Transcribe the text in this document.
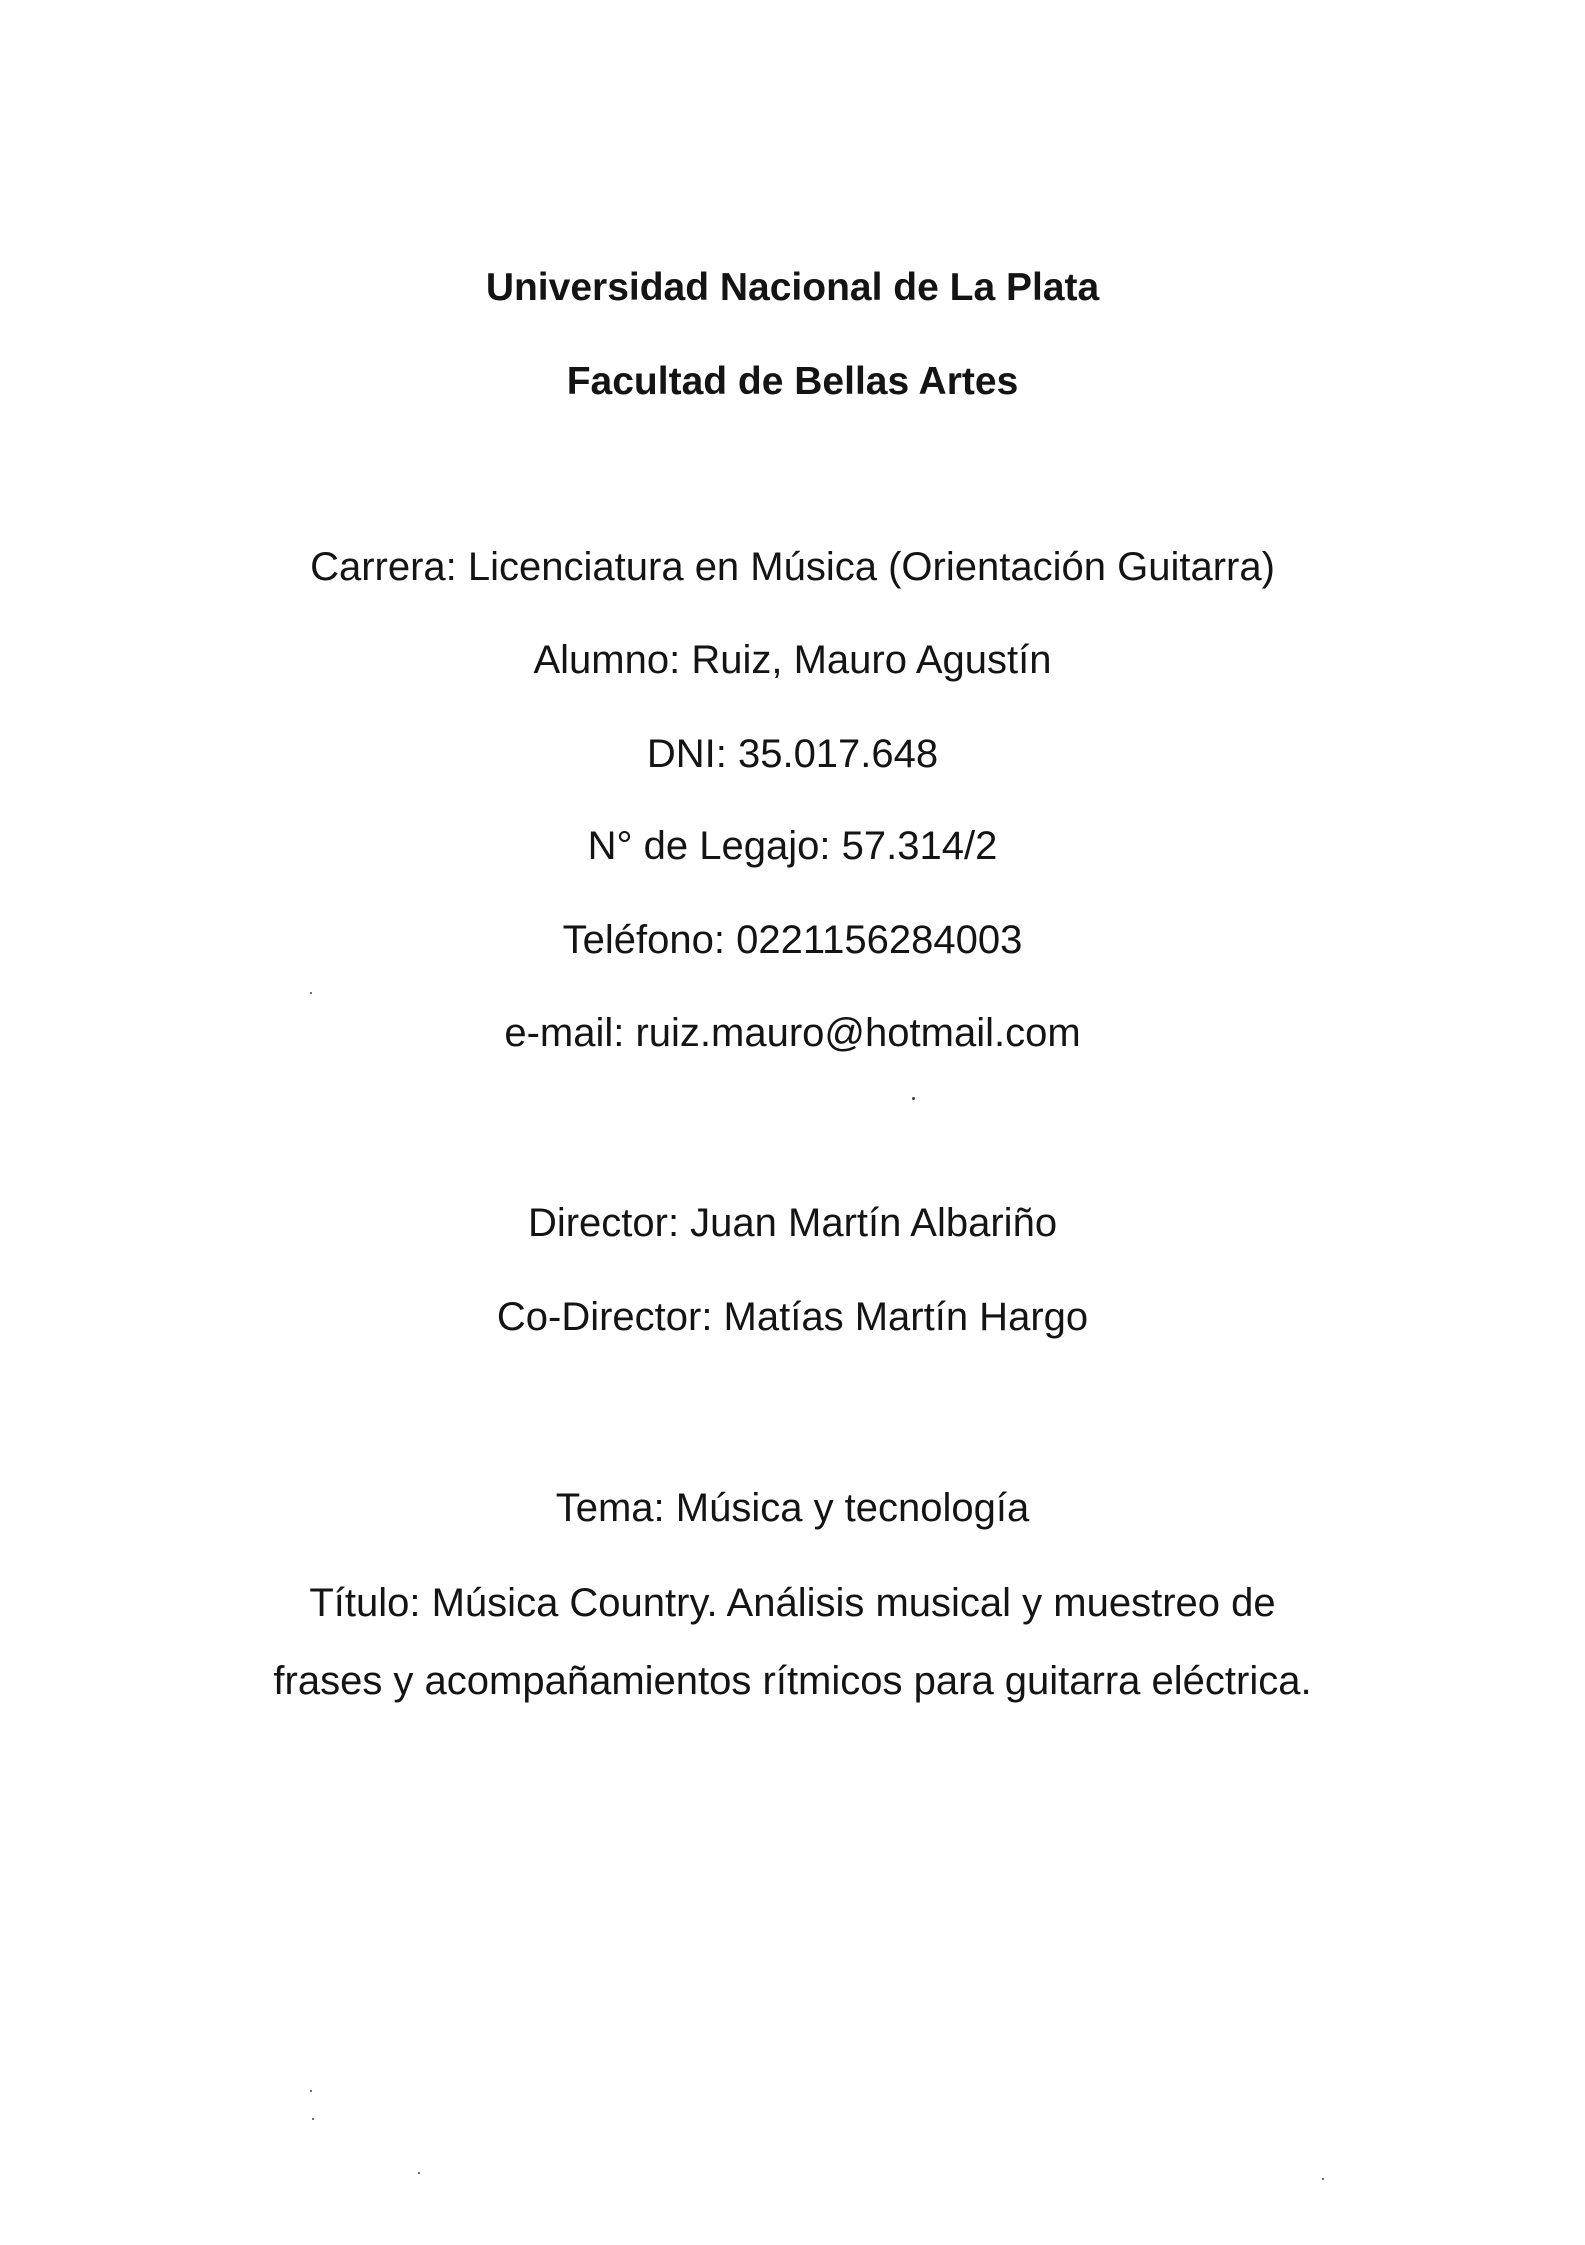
Universidad Nacional de La Plata
Facultad de Bellas Artes
Carrera: Licenciatura en Música (Orientación Guitarra)
Alumno: Ruiz, Mauro Agustín
DNI: 35.017.648
N° de Legajo: 57.314/2
Teléfono: 0221156284003
e-mail: ruiz.mauro@hotmail.com
Director: Juan Martín Albariño
Co-Director: Matías Martín Hargo
Tema: Música y tecnología
Título: Música Country. Análisis musical y muestreo de
frases y acompañamientos rítmicos para guitarra eléctrica.
